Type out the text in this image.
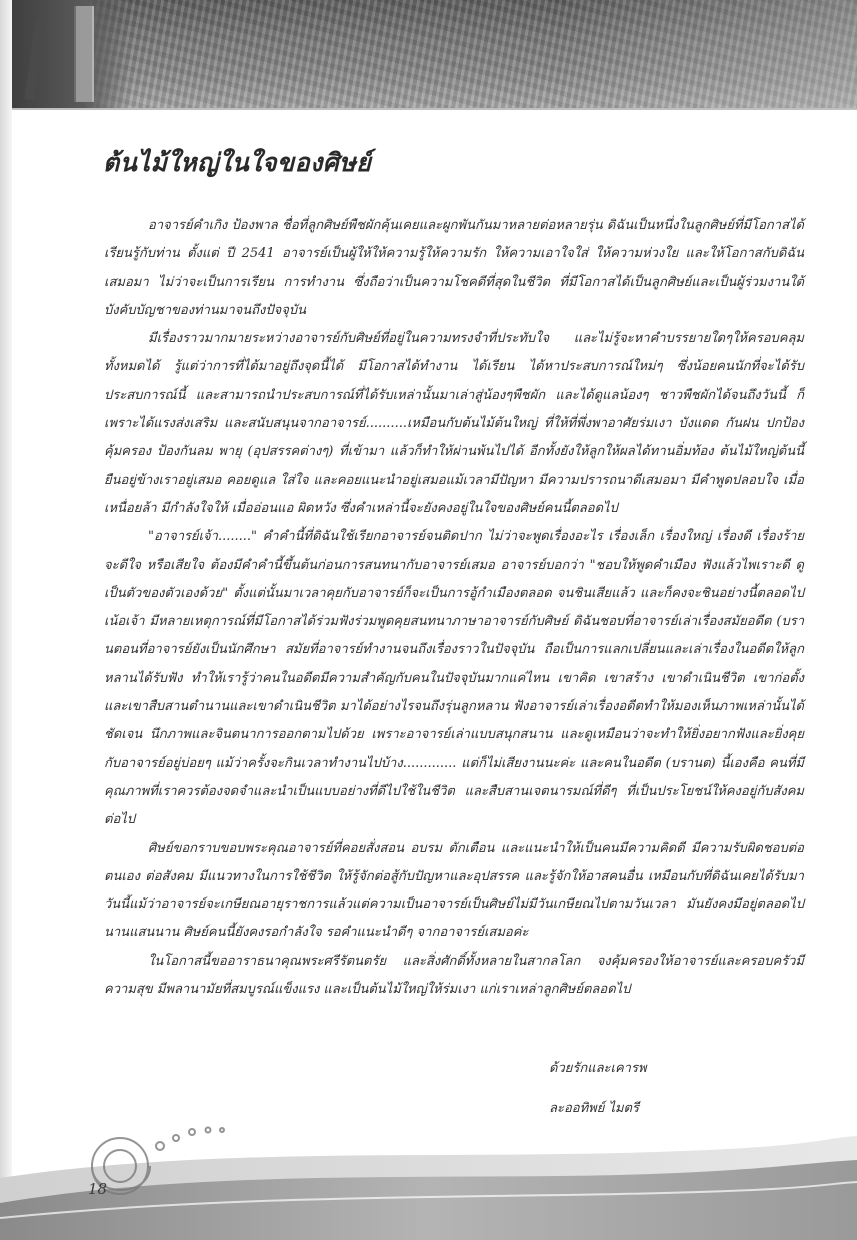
ต้นไม้ใหญ่ในใจของศิษย์

อาจารย์คำเกิง ป้องพาล ชื่อที่ลูกศิษย์พืชผักคุ้นเคยและผูกพันกันมาหลายต่อหลายรุ่น ดิฉันเป็นหนึ่งในลูกศิษย์ที่มีโอกาสได้เรียนรู้กับท่าน ตั้งแต่ ปี 2541 อาจารย์เป็นผู้ให้ให้ความรู้ให้ความรัก ให้ความเอาใจใส่ ให้ความห่วงใย และให้โอกาสกับดิฉันเสมอมา ไม่ว่าจะเป็นการเรียน การทำงาน ซึ่งถือว่าเป็นความโชคดีที่สุดในชีวิต ที่มีโอกาสได้เป็นลูกศิษย์และเป็นผู้ร่วมงานใต้บังคับบัญชาของท่านมาจนถึงปัจจุบัน

มีเรื่องราวมากมายระหว่างอาจารย์กับศิษย์ที่อยู่ในความทรงจำที่ประทับใจ และไม่รู้จะหาคำบรรยายใดๆให้ครอบคลุมทั้งหมดได้ รู้แต่ว่าการที่ได้มาอยู่ถึงจุดนี้ได้ มีโอกาสได้ทำงาน ได้เรียน ได้หาประสบการณ์ใหม่ๆ ซึ่งน้อยคนนักที่จะได้รับประสบการณ์นี้ และสามารถนำประสบการณ์ที่ได้รับเหล่านั้นมาเล่าสู่น้องๆพืชผัก และได้ดูแลน้องๆ ชาวพืชผักได้จนถึงวันนี้ ก็เพราะได้แรงส่งเสริม และสนับสนุนจากอาจารย์..........เหมือนกับต้นไม้ต้นใหญ่ ที่ให้ที่พึ่งพาอาศัยร่มเงา บังแดด กันฝน ปกป้อง คุ้มครอง ป้องกันลม พายุ (อุปสรรคต่างๆ) ที่เข้ามา แล้วก็ทำให้ผ่านพ้นไปได้ อีกทั้งยังให้ลูกให้ผลได้ทานอิ่มท้อง ต้นไม้ใหญ่ต้นนี้ยืนอยู่ข้างเราอยู่เสมอ คอยดูแล ใส่ใจ และคอยแนะนำอยู่เสมอแม้เวลามีปัญหา มีความปรารถนาดีเสมอมา มีคำพูดปลอบใจ เมื่อเหนื่อยล้า มีกำลังใจให้ เมื่ออ่อนแอ ผิดหวัง ซึ่งคำเหล่านี้จะยังคงอยู่ในใจของศิษย์คนนี้ตลอดไป

"อาจารย์เจ้า........" คำคำนี้ที่ดิฉันใช้เรียกอาจารย์จนติดปาก ไม่ว่าจะพูดเรื่องอะไร เรื่องเล็ก เรื่องใหญ่ เรื่องดี เรื่องร้าย จะดีใจ หรือเสียใจ ต้องมีคำคำนี้ขึ้นต้นก่อนการสนทนากับอาจารย์เสมอ อาจารย์บอกว่า "ชอบให้พูดคำเมือง ฟังแล้วไพเราะดี ดูเป็นตัวของตัวเองด้วย" ตั้งแต่นั้นมาเวลาคุยกับอาจารย์ก็จะเป็นการอู้กำเมืองตลอด จนชินเสียแล้ว และก็คงจะชินอย่างนี้ตลอดไปเน้อเจ้า มีหลายเหตุการณ์ที่มีโอกาสได้ร่วมฟังร่วมพูดคุยสนทนาภาษาอาจารย์กับศิษย์ ดิฉันชอบที่อาจารย์เล่าเรื่องสมัยอดีต (บรานตอนที่อาจารย์ยังเป็นนักศึกษา สมัยที่อาจารย์ทำงานจนถึงเรื่องราวในปัจจุบัน ถือเป็นการแลกเปลี่ยนและเล่าเรื่องในอดีตให้ลูก หลานได้รับฟัง ทำให้เรารู้ว่าคนในอดีตมีความสำคัญกับคนในปัจจุบันมากแค่ไหน เขาคิด เขาสร้าง เขาดำเนินชีวิต เขาก่อตั้ง และเขาสืบสานตำนานและเขาดำเนินชีวิต มาได้อย่างไรจนถึงรุ่นลูกหลาน ฟังอาจารย์เล่าเรื่องอดีตทำให้มองเห็นภาพเหล่านั้นได้ชัดเจน นึกภาพและจินตนาการออกตามไปด้วย เพราะอาจารย์เล่าแบบสนุกสนาน และดูเหมือนว่าจะทำให้ยิ่งอยากฟังและยิ่งคุยกับอาจารย์อยู่บ่อยๆ แม้ว่าครั้งจะกินเวลาทำงานไปบ้าง............. แต่ก็ไม่เสียงานนะค่ะ และคนในอดีต (บรานต) นี้เองคือ คนที่มีคุณภาพที่เราควรต้องจดจำและนำเป็นแบบอย่างที่ดีไปใช้ในชีวิต และสืบสานเจตนารมณ์ที่ดีๆ ที่เป็นประโยชน์ให้คงอยู่กับสังคมต่อไป

ศิษย์ขอกราบขอบพระคุณอาจารย์ที่คอยสั่งสอน อบรม ตักเตือน และแนะนำให้เป็นคนมีความคิดดี มีความรับผิดชอบต่อตนเอง ต่อสังคม มีแนวทางในการใช้ชีวิต ให้รู้จักต่อสู้กับปัญหาและอุปสรรค และรู้จักให้อาสคนอื่น เหมือนกับที่ดิฉันเคยได้รับมา วันนี้แม้ว่าอาจารย์จะเกษียณอายุราชการแล้วแต่ความเป็นอาจารย์เป็นศิษย์ไม่มีวันเกษียณไปตามวันเวลา มันยังคงมีอยู่ตลอดไปนานแสนนาน ศิษย์คนนี้ยังคงรอกำลังใจ รอคำแนะนำดีๆ จากอาจารย์เสมอค่ะ

ในโอกาสนี้ขออาราธนาคุณพระศรีรัตนตรัย และสิ่งศักดิ์ทั้งหลายในสากลโลก จงคุ้มครองให้อาจารย์และครอบครัวมีความสุข มีพลานามัยที่สมบูรณ์แข็งแรง และเป็นต้นไม้ใหญ่ให้ร่มเงา แก่เราเหล่าลูกศิษย์ตลอดไป

ด้วยรักและเคารพ

ละออทิพย์ ไมตรี

18
